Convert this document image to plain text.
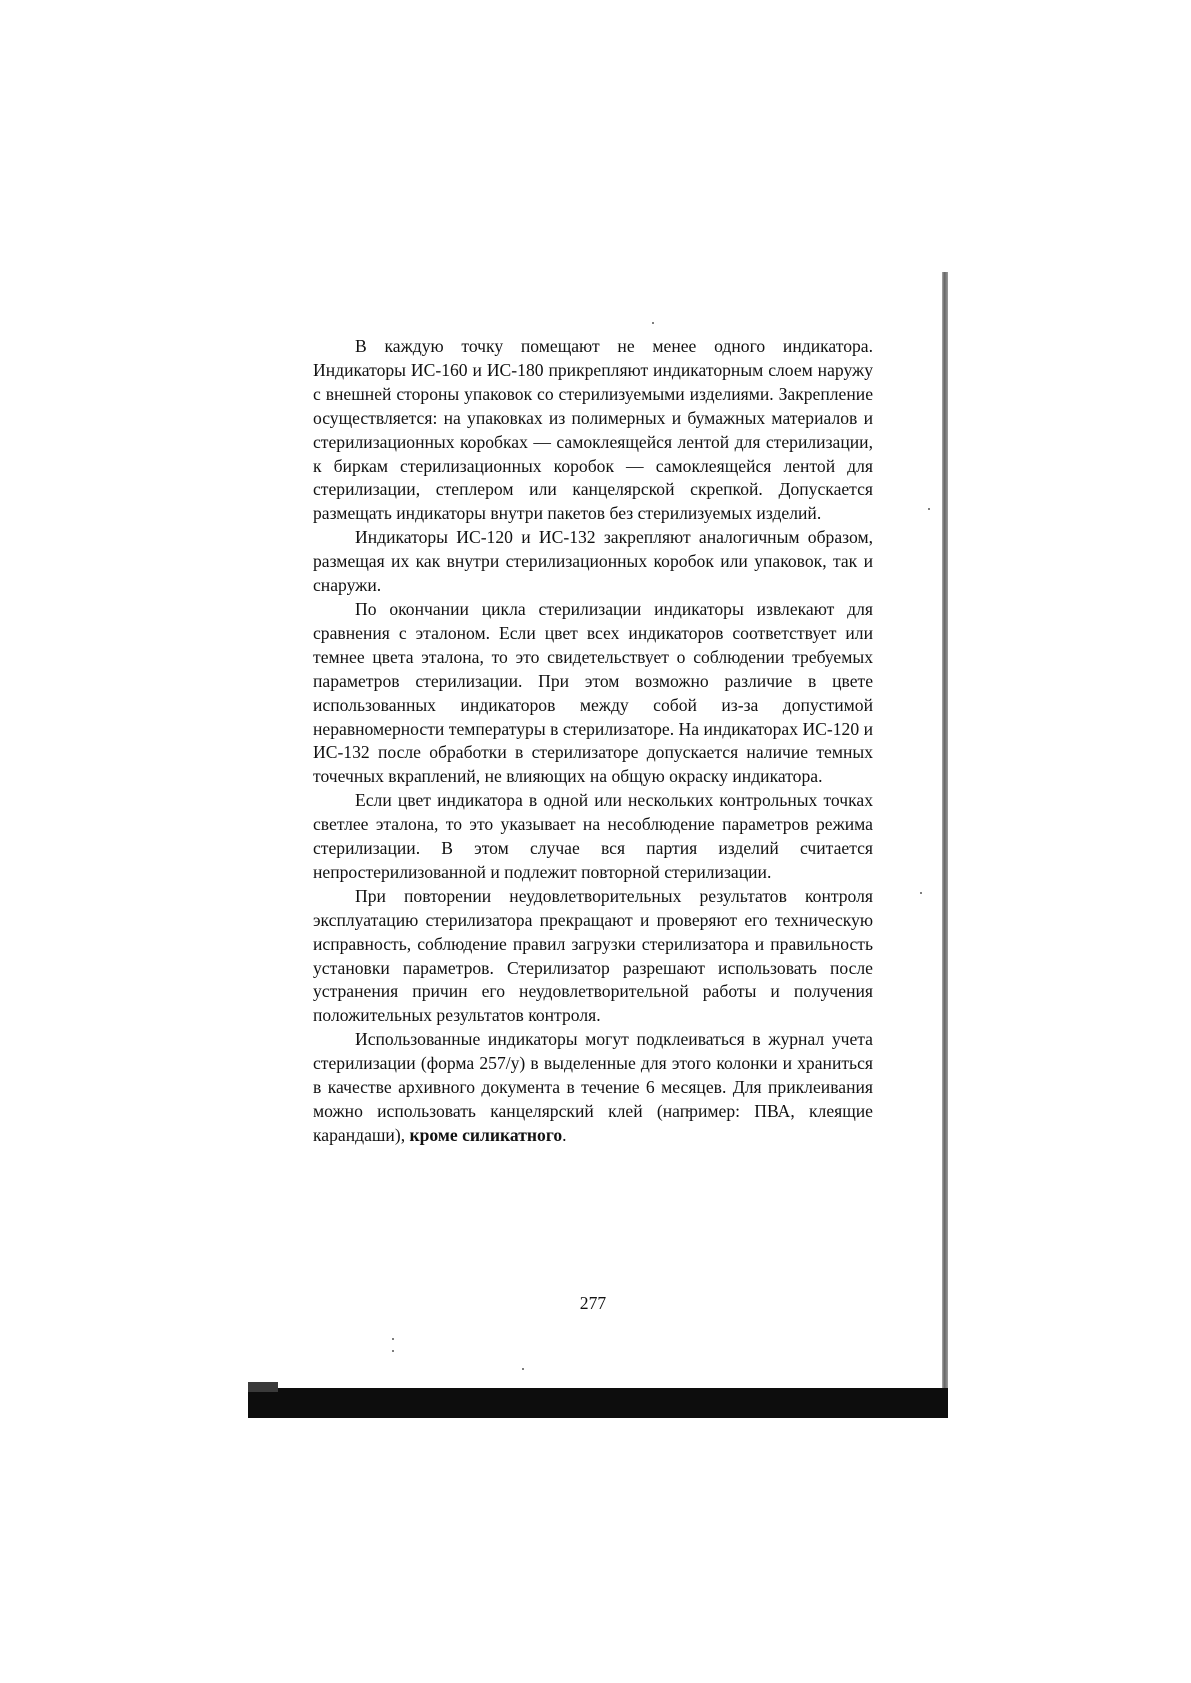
В каждую точку помещают не менее одного индикатора. Индикаторы ИС-160 и ИС-180 прикрепляют индикаторным слоем наружу с внешней стороны упаковок со стерилизуемыми изделиями. Закрепление осуществляется: на упаковках из полимерных и бумажных материалов и стерилизационных коробках — самоклеящейся лентой для стерилизации, к биркам стерилизационных коробок — самоклеящейся лентой для стерилизации, степлером или канцелярской скрепкой. Допускается размещать индикаторы внутри пакетов без стерилизуемых изделий.

Индикаторы ИС-120 и ИС-132 закрепляют аналогичным образом, размещая их как внутри стерилизационных коробок или упаковок, так и снаружи.

По окончании цикла стерилизации индикаторы извлекают для сравнения с эталоном. Если цвет всех индикаторов соответствует или темнее цвета эталона, то это свидетельствует о соблюдении требуемых параметров стерилизации. При этом возможно различие в цвете использованных индикаторов между собой из-за допустимой неравномерности температуры в стерилизаторе. На индикаторах ИС-120 и ИС-132 после обработки в стерилизаторе допускается наличие темных точечных вкраплений, не влияющих на общую окраску индикатора.

Если цвет индикатора в одной или нескольких контрольных точках светлее эталона, то это указывает на несоблюдение параметров режима стерилизации. В этом случае вся партия изделий считается непростерилизованной и подлежит повторной стерилизации.

При повторении неудовлетворительных результатов контроля эксплуатацию стерилизатора прекращают и проверяют его техническую исправность, соблюдение правил загрузки стерилизатора и правильность установки параметров. Стерилизатор разрешают использовать после устранения причин его неудовлетворительной работы и получения положительных результатов контроля.

Использованные индикаторы могут подклеиваться в журнал учета стерилизации (форма 257/у) в выделенные для этого колонки и храниться в качестве архивного документа в течение 6 месяцев. Для приклеивания можно использовать канцелярский клей (например: ПВА, клеящие карандаши), кроме силикатного.

277
